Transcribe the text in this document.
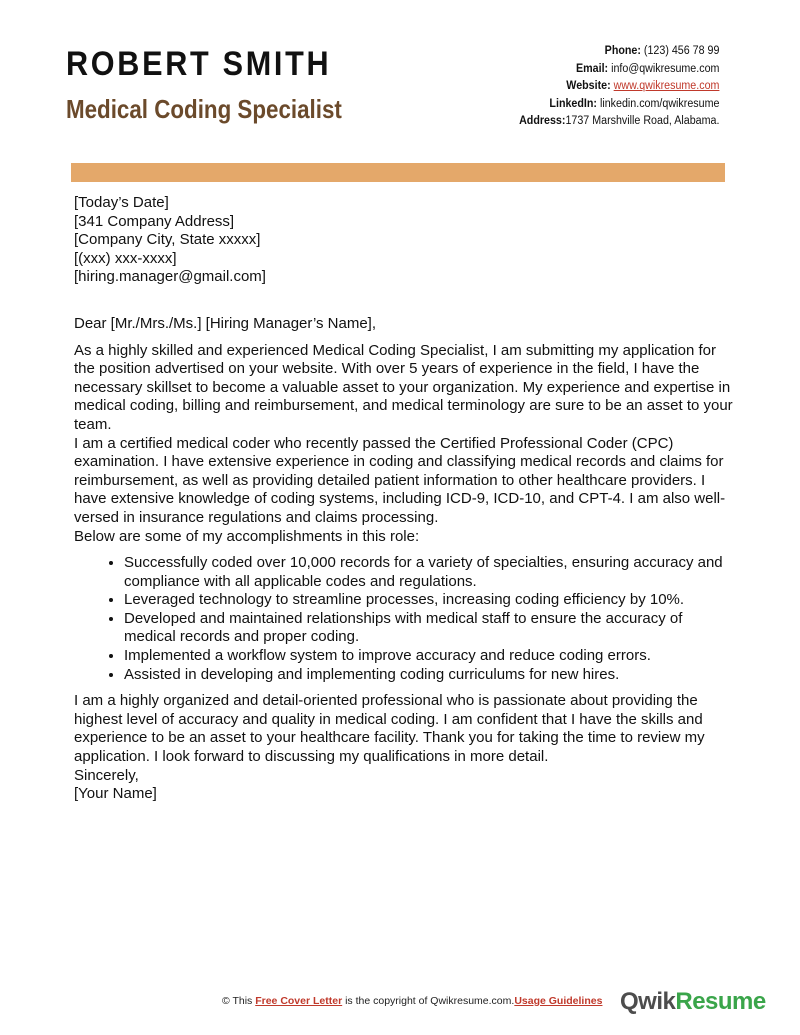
ROBERT SMITH
Medical Coding Specialist
Phone: (123) 456 78 99
Email: info@qwikresume.com
Website: www.qwikresume.com
LinkedIn: linkedin.com/qwikresume
Address:1737 Marshville Road, Alabama.

[Today’s Date]

[341 Company Address]
[Company City, State xxxxx]
[(xxx) xxx-xxxx]
[hiring.manager@gmail.com]

Dear [Mr./Mrs./Ms.] [Hiring Manager’s Name],

As a highly skilled and experienced Medical Coding Specialist, I am submitting my application for the position advertised on your website. With over 5 years of experience in the field, I have the necessary skillset to become a valuable asset to your organization. My experience and expertise in medical coding, billing and reimbursement, and medical terminology are sure to be an asset to your team.

I am a certified medical coder who recently passed the Certified Professional Coder (CPC) examination. I have extensive experience in coding and classifying medical records and claims for reimbursement, as well as providing detailed patient information to other healthcare providers. I have extensive knowledge of coding systems, including ICD-9, ICD-10, and CPT-4. I am also well-versed in insurance regulations and claims processing.

Below are some of my accomplishments in this role:

• Successfully coded over 10,000 records for a variety of specialties, ensuring accuracy and compliance with all applicable codes and regulations.
• Leveraged technology to streamline processes, increasing coding efficiency by 10%.
• Developed and maintained relationships with medical staff to ensure the accuracy of medical records and proper coding.
• Implemented a workflow system to improve accuracy and reduce coding errors.
• Assisted in developing and implementing coding curriculums for new hires.

I am a highly organized and detail-oriented professional who is passionate about providing the highest level of accuracy and quality in medical coding. I am confident that I have the skills and experience to be an asset to your healthcare facility. Thank you for taking the time to review my application. I look forward to discussing my qualifications in more detail.

Sincerely,

[Your Name]

© This Free Cover Letter is the copyright of Qwikresume.com.Usage Guidelines QwikResume
